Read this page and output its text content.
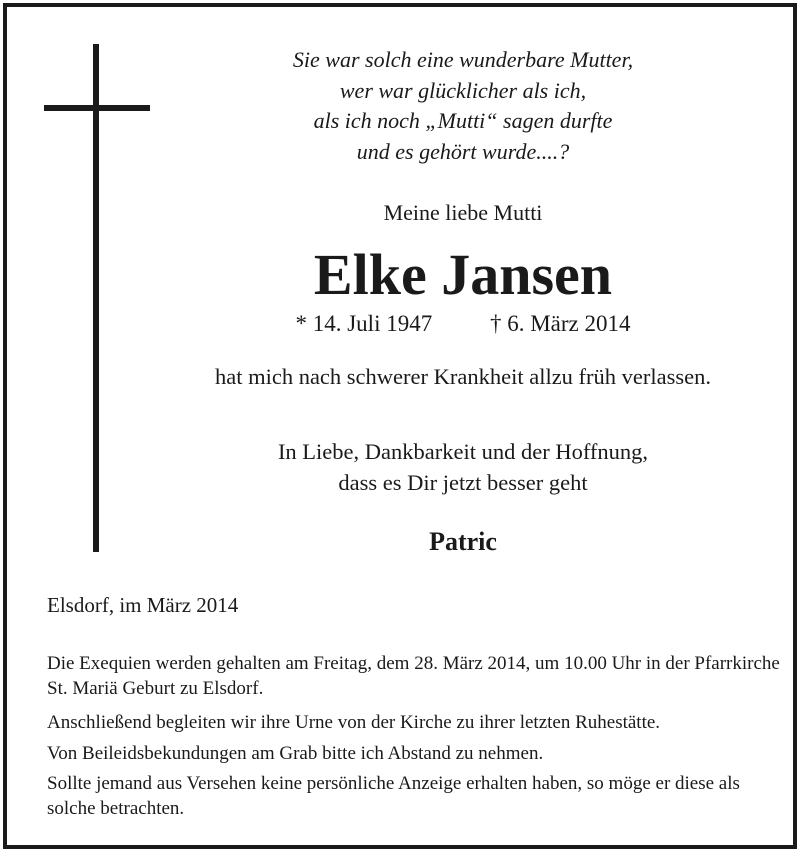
Sie war solch eine wunderbare Mutter,
wer war glücklicher als ich,
als ich noch „Mutti“ sagen durfte
und es gehört wurde....?
Meine liebe Mutti
Elke Jansen
* 14. Juli 1947	† 6. März 2014
hat mich nach schwerer Krankheit allzu früh verlassen.
In Liebe, Dankbarkeit und der Hoffnung,
dass es Dir jetzt besser geht
Patric
Elsdorf, im März 2014

Die Exequien werden gehalten am Freitag, dem 28. März 2014, um 10.00 Uhr in der Pfarrkirche St. Mariä Geburt zu Elsdorf.

Anschließend begleiten wir ihre Urne von der Kirche zu ihrer letzten Ruhestätte.

Von Beileidsbekundungen am Grab bitte ich Abstand zu nehmen.

Sollte jemand aus Versehen keine persönliche Anzeige erhalten haben, so möge er diese als solche betrachten.
